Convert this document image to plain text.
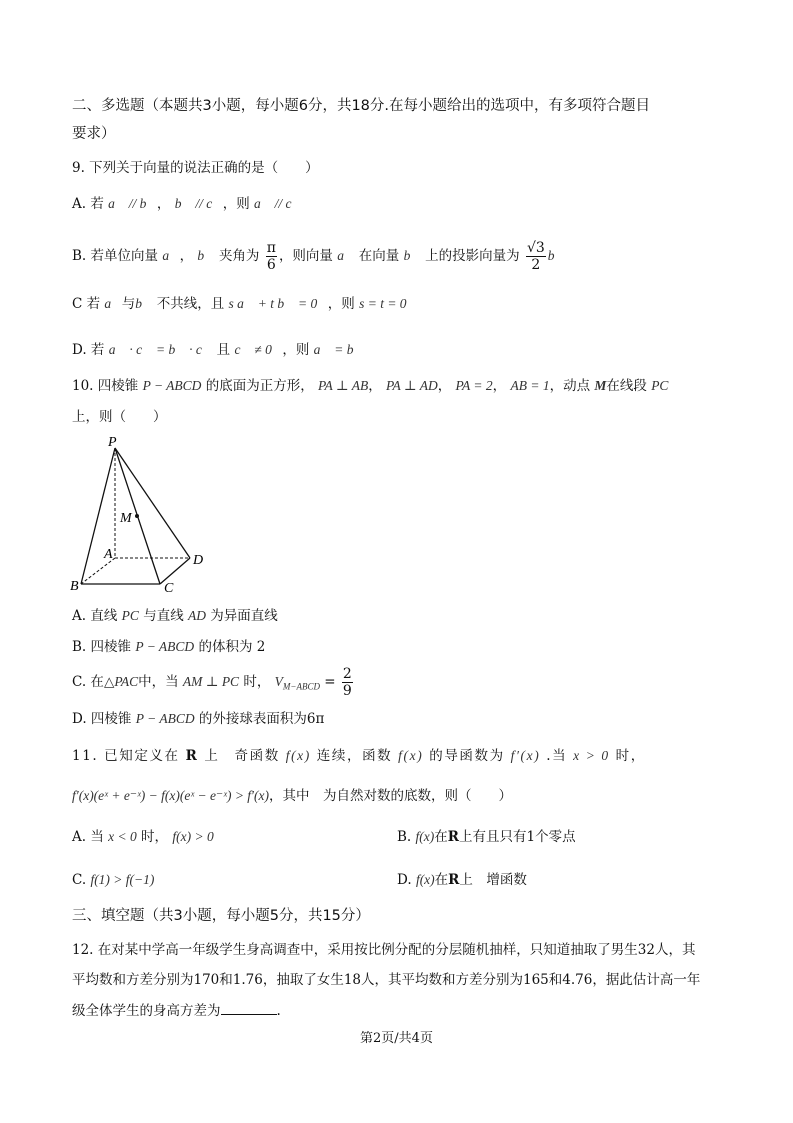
二、多选题（本题共3小题，每小题6分，共18分.在每小题给出的选项中，有多项符合题目
要求）
9. 下列关于向量的说法正确的是（　　）
A. 若 a⃗ // b⃗， b⃗ // c⃗，则 a⃗ // c⃗
B. 若单位向量 a⃗， b⃗ 夹角为 $\frac{\pi}{6}$ ，则向量 a⃗ 在向量 b⃗ 上的投影向量为 $\frac{√3}{2}$ b⃗
C 若 a⃗与b⃗ 不共线，且 s a⃗ + t b⃗ = 0⃗，则 s = t = 0
D. 若 a⃗ · c⃗ = b⃗ · c⃗ 且 c⃗ ≠ 0⃗，则 a⃗ = b⃗
10. 四棱锥 P − ABCD 的底面为正方形， PA ⊥ AB， PA ⊥ AD， PA = 2， AB = 1，动点 M在线段 PC
上，则（　　）
P
M
A
B	C
D
A. 直线 PC 与直线 AD 为异面直线
B. 四棱锥 P − ABCD 的体积为 2
C. 在△PAC中，当 AM ⊥ PC 时， $V_{M-ABCD} = \frac{2}{9}$
D. 四棱锥 P − ABCD 的外接球表面积为6π
11. 已知定义在 R 上　奇函数 f(x) 连续，函数 f(x) 的导函数为 f′(x) .当 x > 0 时，
f′(x)(eˣ + e⁻ˣ) − f(x)(eˣ − e⁻ˣ) > f′(x)，其中　为自然对数的底数，则（　　）
A. 当 x < 0 时， f(x) > 0	B. f(x)在R上有且只有1个零点
C. f(1) > f(−1)	D. f(x)在R上　增函数
三、填空题（共3小题，每小题5分，共15分）
12. 在对某中学高一年级学生身高调查中，采用按比例分配的分层随机抽样，只知道抽取了男生32人，其
平均数和方差分别为170和1.76，抽取了女生18人，其平均数和方差分别为165和4.76，据此估计高一年
级全体学生的身高方差为	.
第2页/共4页
